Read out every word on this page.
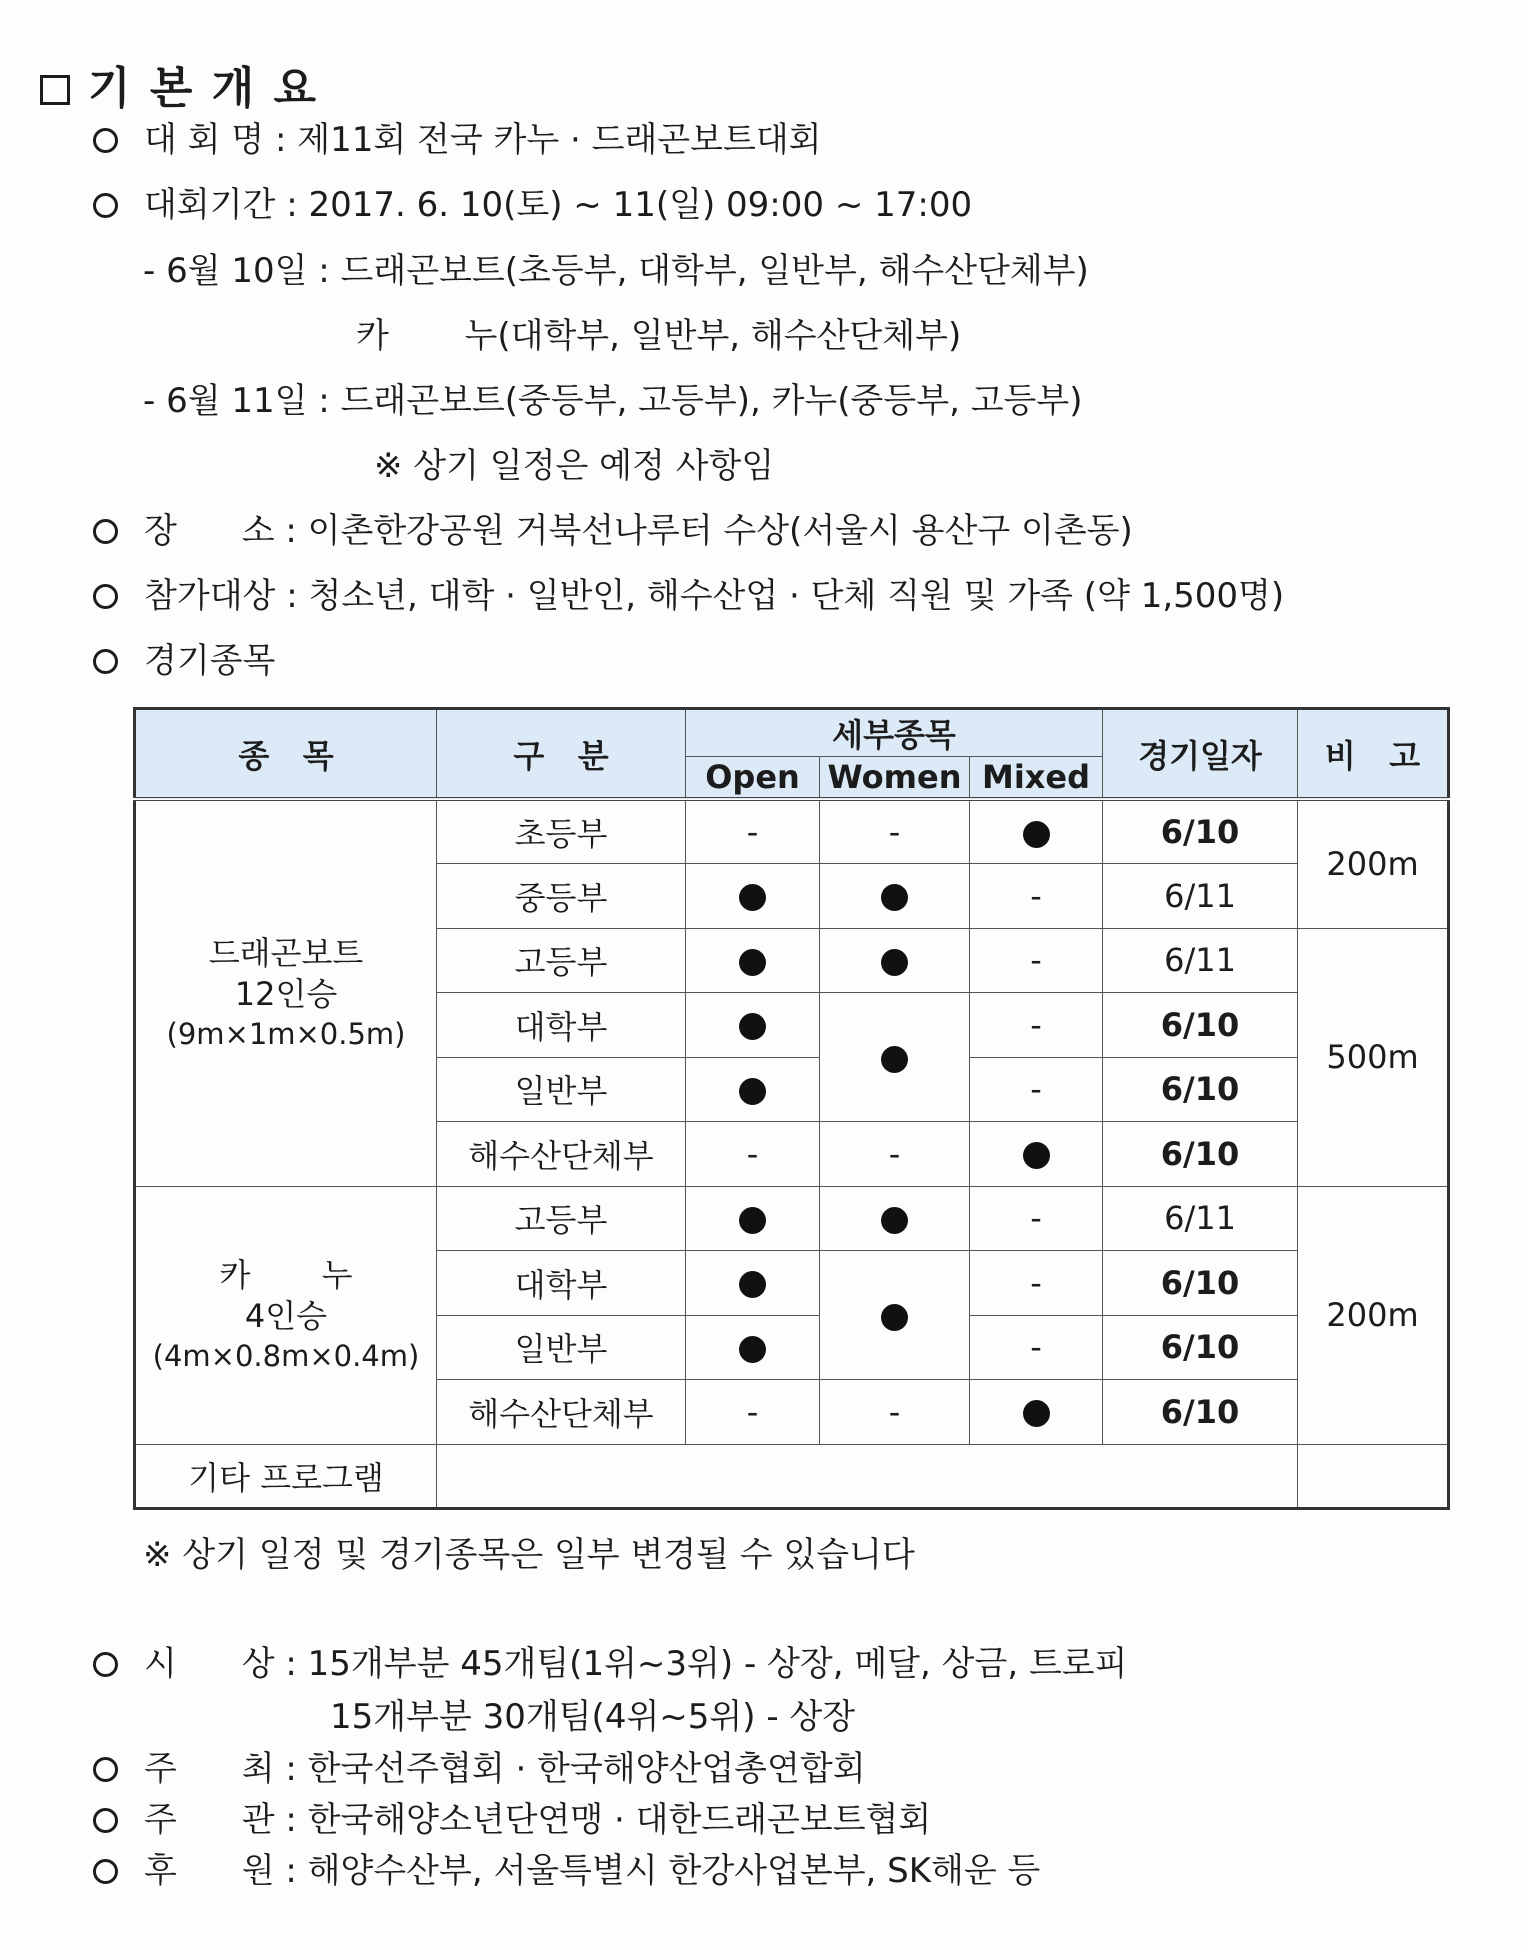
기 본 개 요
대 회 명 : 제11회 전국 카누 · 드래곤보트대회
대회기간 : 2017. 6. 10(토) ~ 11(일) 09:00 ~ 17:00
- 6월 10일 : 드래곤보트(초등부, 대학부, 일반부, 해수산단체부)
카       누(대학부, 일반부, 해수산단체부)
- 6월 11일 : 드래곤보트(중등부, 고등부), 카누(중등부, 고등부)
※ 상기 일정은 예정 사항임
장      소 : 이촌한강공원 거북선나루터 수상(서울시 용산구 이촌동)
참가대상 : 청소년, 대학 · 일반인, 해수산업 · 단체 직원 및 가족 (약 1,500명)
경기종목
종   목	구   분	세부종목			경기일자	비   고
		Open	Women	Mixed		

드래곤보트
12인승
(9m×1m×0.5m)	초등부	-	-		6/10	200m
	중등부			-	6/11	
	고등부			-	6/11	500m
	대학부			-	6/10	
	일반부			-	6/10	
	해수산단체부	-	-		6/10	

카       누
4인승
(4m×0.8m×0.4m)	고등부			-	6/11	200m
	대학부			-	6/10	
	일반부			-	6/10	
	해수산단체부	-	-		6/10	
기타 프로그램						
※ 상기 일정 및 경기종목은 일부 변경될 수 있습니다
시      상 : 15개부분 45개팀(1위~3위) - 상장, 메달, 상금, 트로피
15개부분 30개팀(4위~5위) - 상장
주      최 : 한국선주협회 · 한국해양산업총연합회
주      관 : 한국해양소년단연맹 · 대한드래곤보트협회
후      원 : 해양수산부, 서울특별시 한강사업본부, SK해운 등
